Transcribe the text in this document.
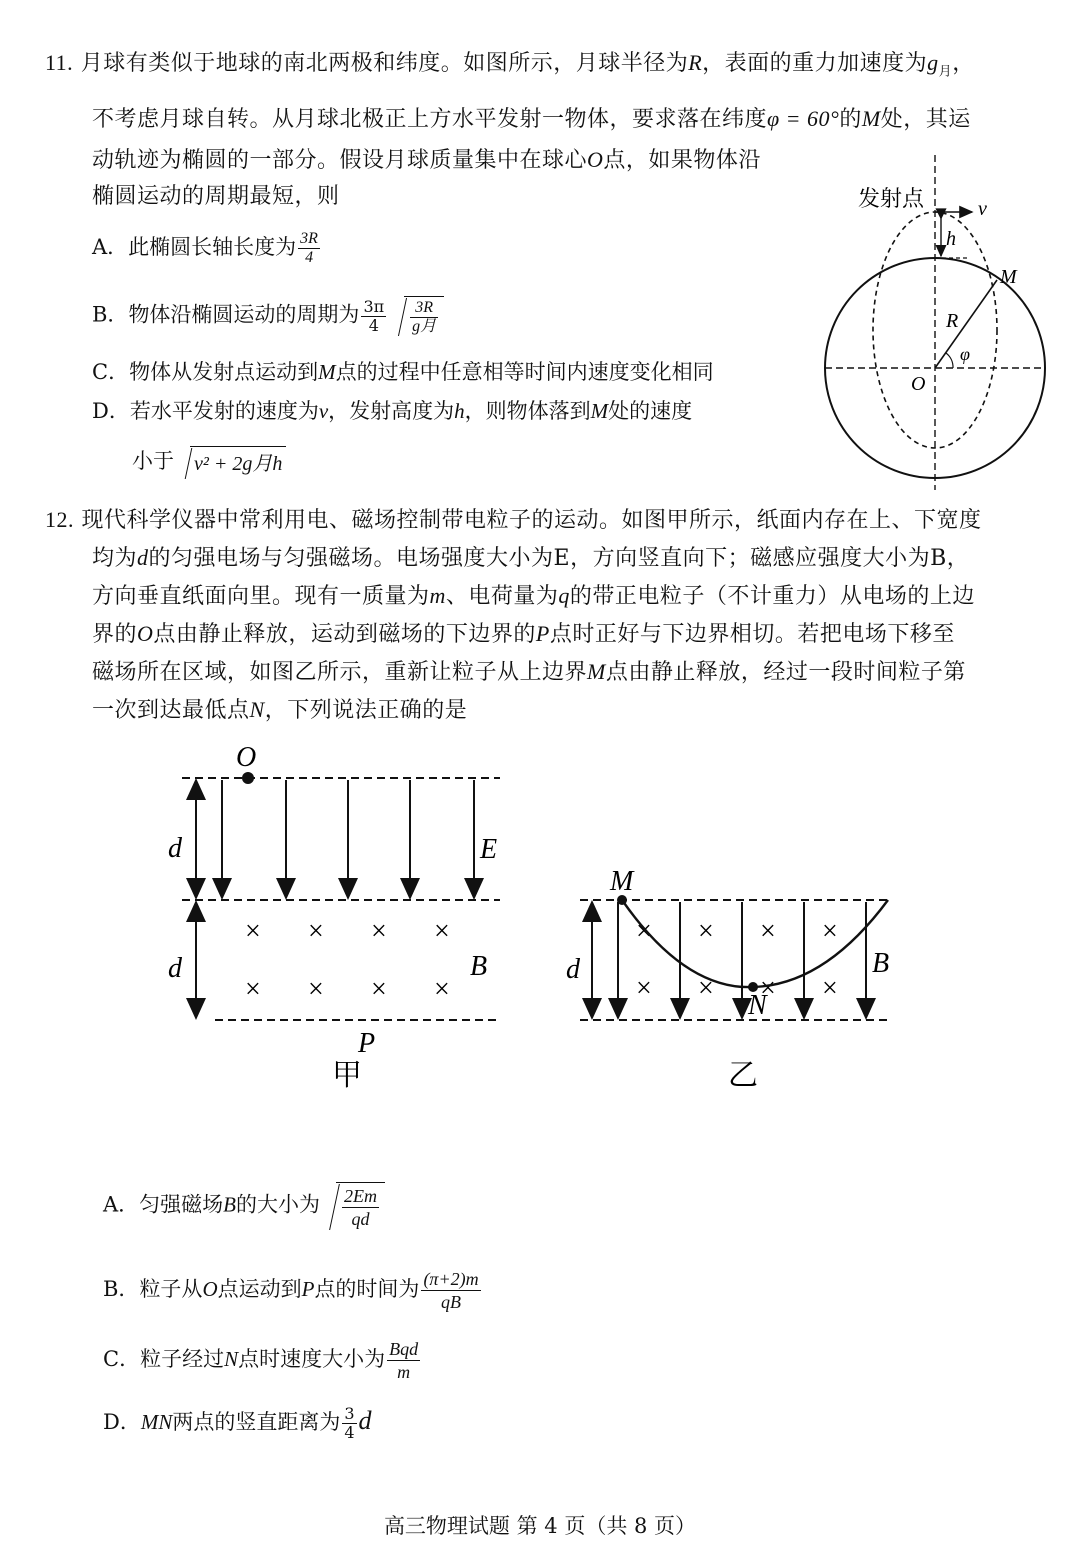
11. 月球有类似于地球的南北两极和纬度。如图所示，月球半径为R，表面的重力加速度为$g_月$，
不考虑月球自转。从月球北极正上方水平发射一物体，要求落在纬度φ = 60°的M处，其运
动轨迹为椭圆的一部分。假设月球质量集中在球心O点，如果物体沿
椭圆运动的周期最短，则
A．此椭圆长轴长度为 $\frac{3R}{4}$
B．物体沿椭圆运动的周期为 $\frac{3\pi}{4} \frac{3R}{\text{g月}}$
C．物体从发射点运动到M点的过程中任意相等时间内速度变化相同
D．若水平发射的速度为v，发射高度为h，则物体落到M处的速度
小于 v² + 2g月h
发射点	v
h
M
R
φ
O
12. 现代科学仪器中常利用电、磁场控制带电粒子的运动。如图甲所示，纸面内存在上、下宽度
均为d的匀强电场与匀强磁场。电场强度大小为E，方向竖直向下；磁感应强度大小为B，
方向垂直纸面向里。现有一质量为m、电荷量为q的带正电粒子（不计重力）从电场的上边
界的O点由静止释放，运动到磁场的下边界的P点时正好与下边界相切。若把电场下移至
磁场所在区域，如图乙所示，重新让粒子从上边界M点由静止释放，经过一段时间粒子第
一次到达最低点N，下列说法正确的是
O
d
d
E
× × × ×
× × × ×
B
P
甲
d
× × × ×
× × × ×
M
N
B
乙
A．匀强磁场B的大小为 $\frac{2Em}{qd}$
B．粒子从O点运动到P点的时间为 $\frac{(\pi+2)m}{qB}$
C．粒子经过N点时速度大小为 $\frac{\text{Bqd}}{m}$
D．MN两点的竖直距离为 $\frac{3}{4}$ d
高三物理试题 第 4 页（共 8 页）
